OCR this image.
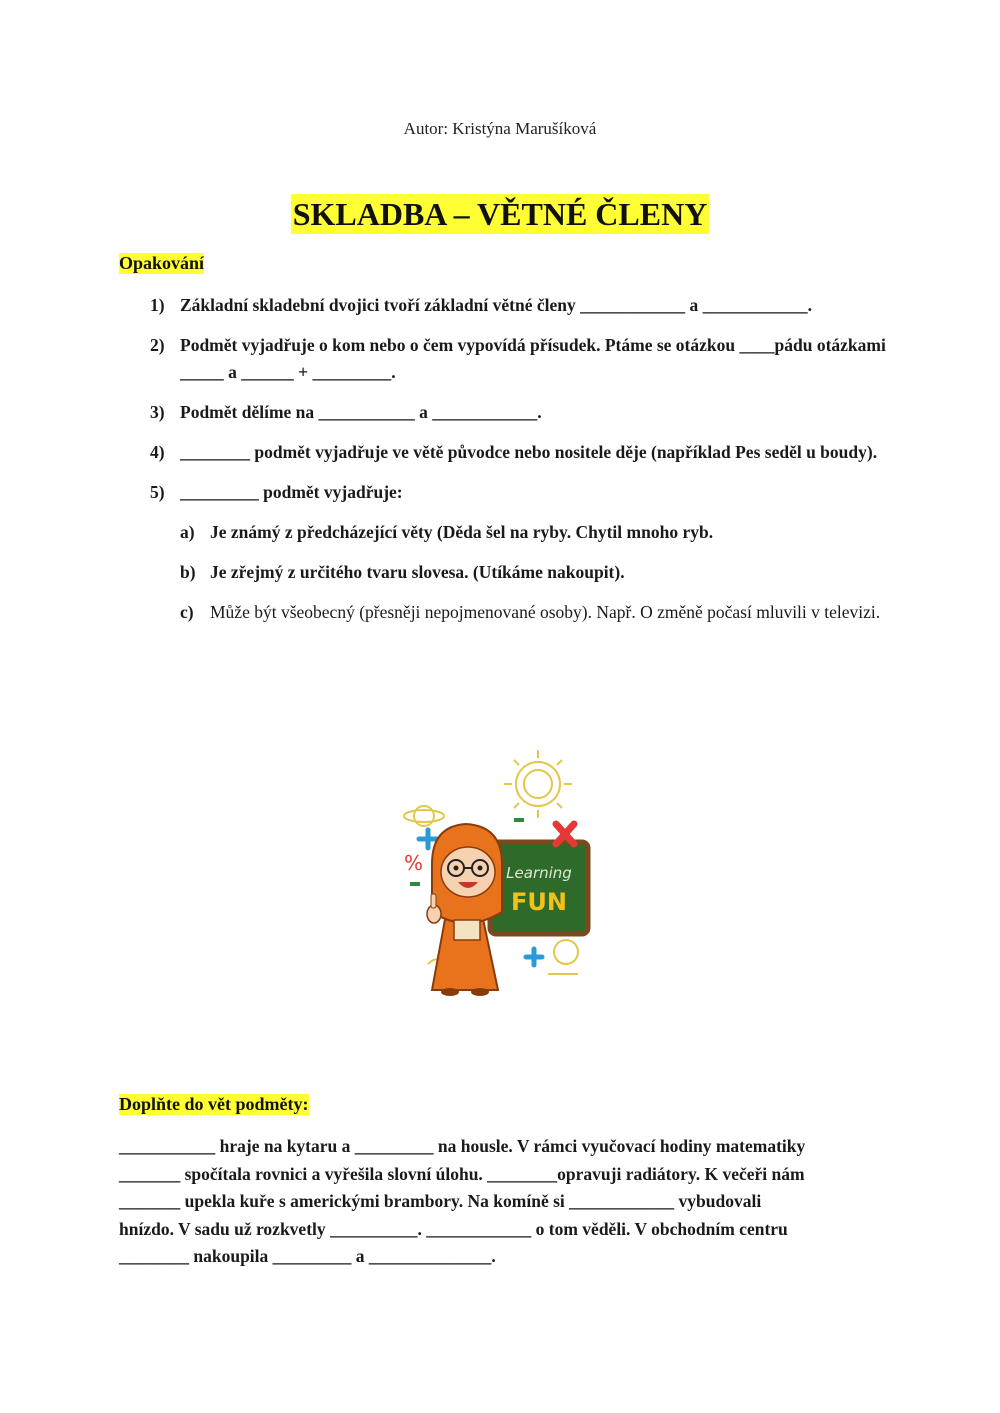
Autor: Kristýna Marušíková
SKLADBA – VĚTNÉ ČLENY
Opakování
1) Základní skladební dvojici tvoří základní větné členy ____________ a ____________.
2) Podmět vyjadřuje o kom nebo o čem vypovídá přísudek. Ptáme se otázkou ____pádu otázkami _____ a ______ + _________.
3) Podmět dělíme na ___________ a ____________.
4) ________ podmět vyjadřuje ve větě původce nebo nositele děje (například Pes seděl u boudy).
5) _________ podmět vyjadřuje:
a) Je známý z předcházející věty (Děda šel na ryby. Chytil mnoho ryb.
b) Je zřejmý z určitého tvaru slovesa. (Utíkáme nakoupit).
c) Může být všeobecný (přesněji nepojmenované osoby). Např. O změně počasí mluvili v televizi.
Learning
FUN
%
Doplňte do vět podměty:
___________ hraje na kytaru a _________ na housle. V rámci vyučovací hodiny matematiky
_______ spočítala rovnici a vyřešila slovní úlohu. ________opravuji radiátory. K večeři nám
_______ upekla kuře s americkými brambory. Na komíně si ____________ vybudovali
hnízdo. V sadu už rozkvetly __________. ____________ o tom věděli. V obchodním centru
________ nakoupila _________ a ______________.
